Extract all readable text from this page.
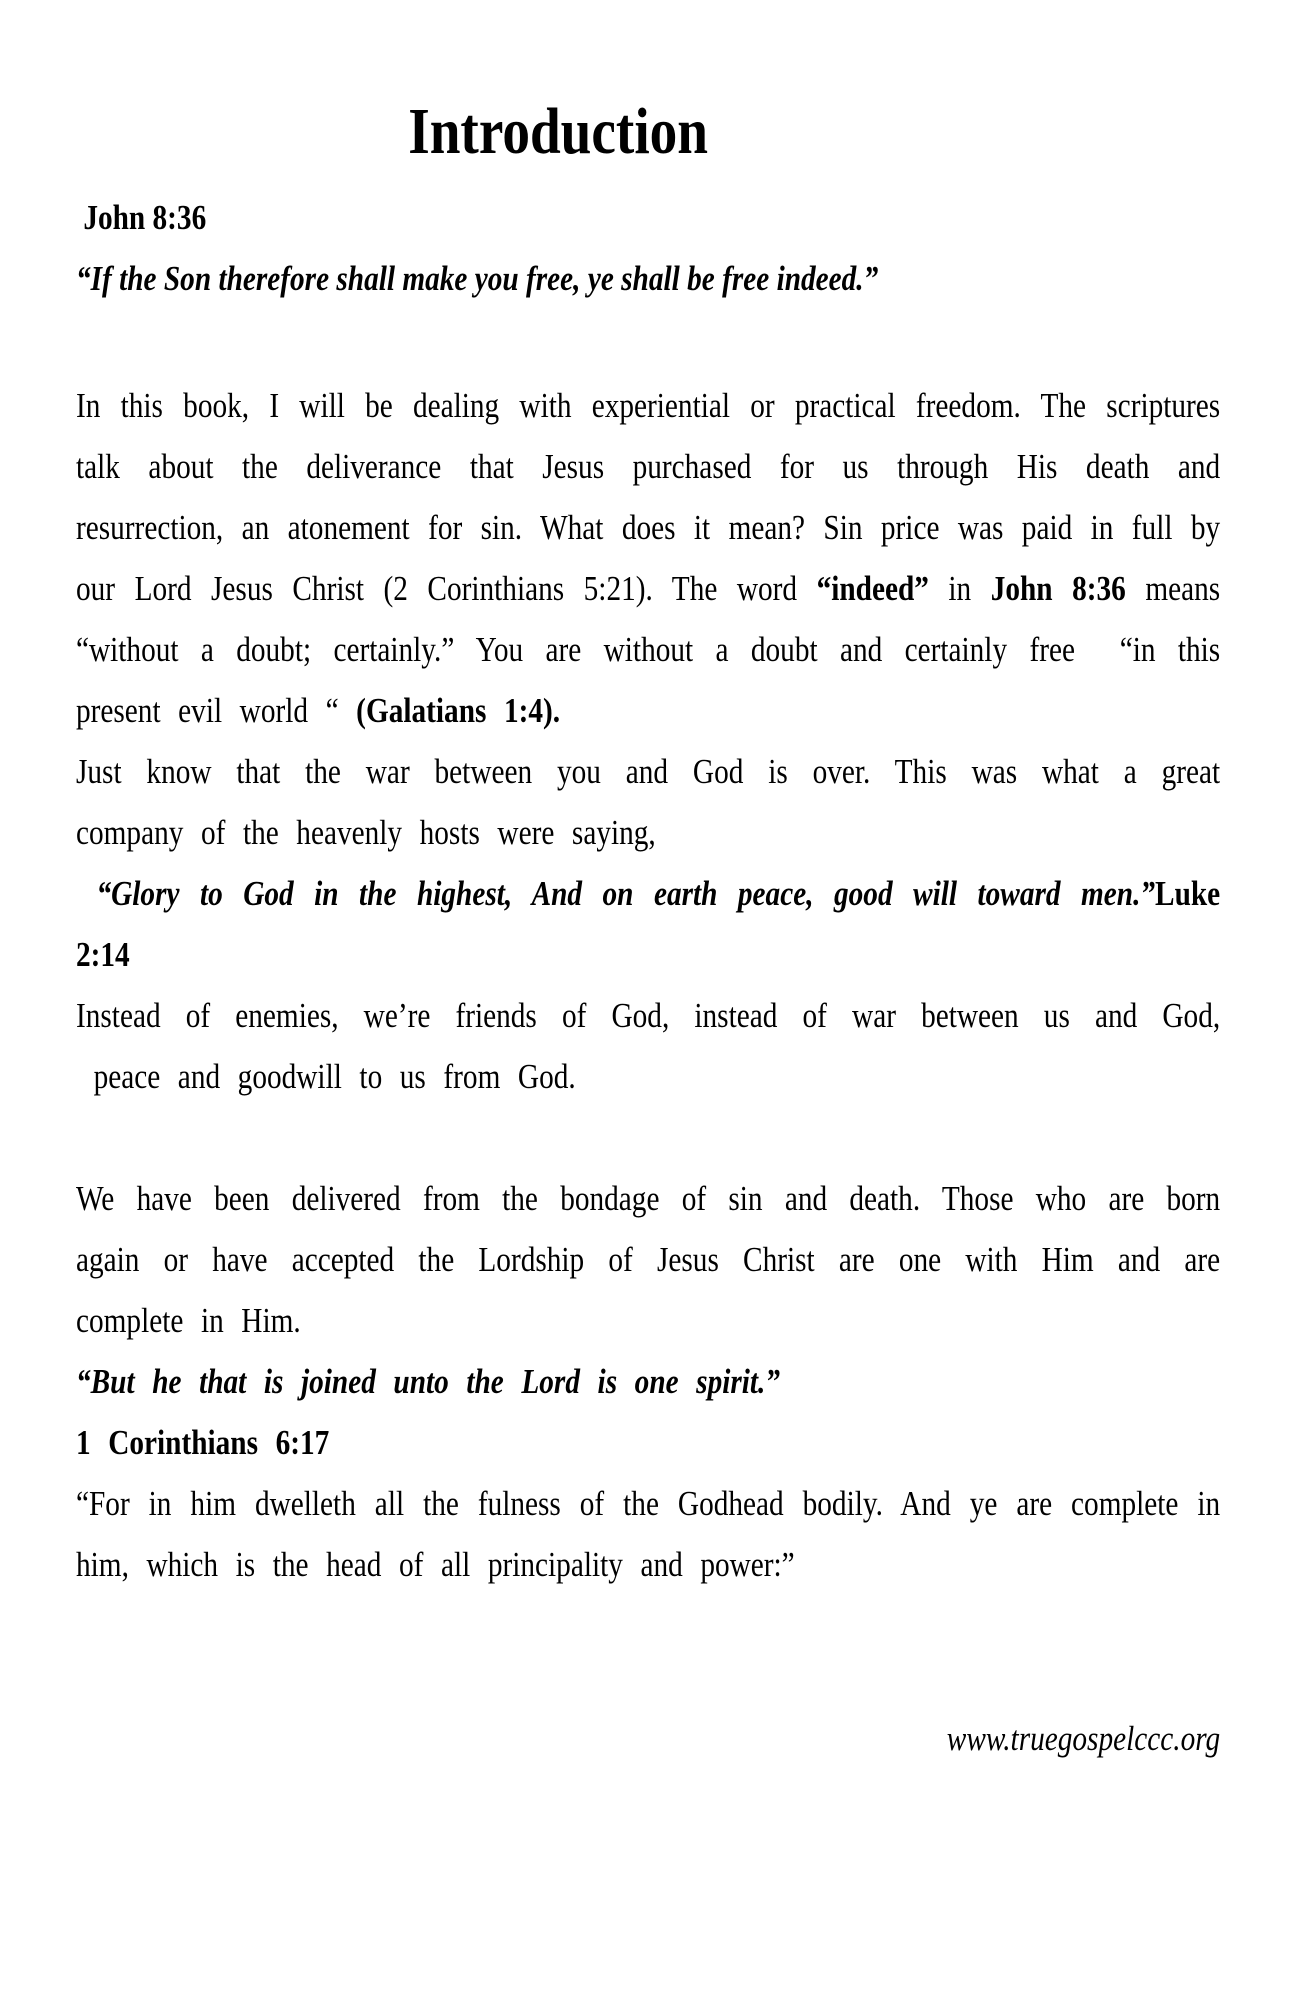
Introduction
John 8:36
“If the Son therefore shall make you free, ye shall be free indeed.”

In this book, I will be dealing with experiential or practical freedom. The scriptures talk about the deliverance that Jesus purchased for us through His death and resurrection, an atonement for sin. What does it mean? Sin price was paid in full by our Lord Jesus Christ (2 Corinthians 5:21). The word “indeed” in John 8:36 means “without a doubt; certainly.” You are without a doubt and certainly free  “in this present evil world “ (Galatians 1:4).

Just know that the war between you and God is over. This was what a great company of the heavenly hosts were saying,

“Glory to God in the highest, And on earth peace, good will toward men.”Luke 2:14

Instead of enemies, we’re friends of God, instead of war between us and God,  peace and goodwill to us from God.

We have been delivered from the bondage of sin and death. Those who are born again or have accepted the Lordship of Jesus Christ are one with Him and are complete in Him.

“But he that is joined unto the Lord is one spirit.”

1 Corinthians 6:17

“For in him dwelleth all the fulness of the Godhead bodily. And ye are complete in him, which is the head of all principality and power:”

www.truegospelccc.org
